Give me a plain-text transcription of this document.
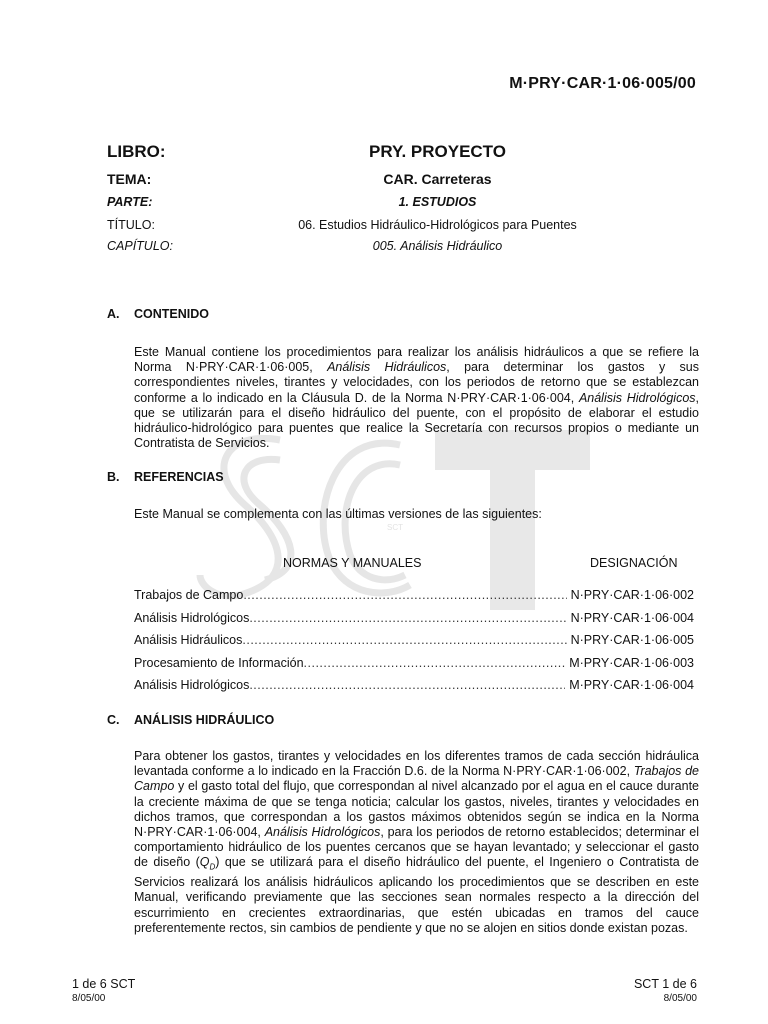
SCT
M·PRY·CAR·1·06·005/00
LIBRO:	PRY. PROYECTO
TEMA:	CAR. Carreteras
PARTE:	1. ESTUDIOS
TÍTULO:	06. Estudios Hidráulico-Hidrológicos para Puentes
CAPÍTULO:	005. Análisis Hidráulico
A. CONTENIDO
Este Manual contiene los procedimientos para realizar los análisis hidráulicos a que se refiere la Norma N·PRY·CAR·1·06·005, Análisis Hidráulicos, para determinar los gastos y sus correspondientes niveles, tirantes y velocidades, con los periodos de retorno que se establezcan conforme a lo indicado en la Cláusula D. de la Norma N·PRY·CAR·1·06·004, Análisis Hidrológicos, que se utilizarán para el diseño hidráulico del puente, con el propósito de elaborar el estudio hidráulico-hidrológico para puentes que realice la Secretaría con recursos propios o mediante un Contratista de Servicios.
B. REFERENCIAS
Este Manual se complementa con las últimas versiones de las siguientes:
NORMAS Y MANUALES	DESIGNACIÓN
Trabajos de Campo .....	N·PRY·CAR·1·06·002
Análisis Hidrológicos .....	N·PRY·CAR·1·06·004
Análisis Hidráulicos .....	N·PRY·CAR·1·06·005
Procesamiento de Información .....	M·PRY·CAR·1·06·003
Análisis Hidrológicos .....	M·PRY·CAR·1·06·004
C. ANÁLISIS HIDRÁULICO
Para obtener los gastos, tirantes y velocidades en los diferentes tramos de cada sección hidráulica levantada conforme a lo indicado en la Fracción D.6. de la Norma N·PRY·CAR·1·06·002, Trabajos de Campo y el gasto total del flujo, que correspondan al nivel alcanzado por el agua en el cauce durante la creciente máxima de que se tenga noticia; calcular los gastos, niveles, tirantes y velocidades en dichos tramos, que correspondan a los gastos máximos obtenidos según se indica en la Norma N·PRY·CAR·1·06·004, Análisis Hidrológicos, para los periodos de retorno establecidos; determinar el comportamiento hidráulico de los puentes cercanos que se hayan levantado; y seleccionar el gasto de diseño $(Q_D)$ que se utilizará para el diseño hidráulico del puente, el Ingeniero o Contratista de Servicios realizará los análisis hidráulicos aplicando los procedimientos que se describen en este Manual, verificando previamente que las secciones sean normales respecto a la dirección del escurrimiento en crecientes extraordinarias, que estén ubicadas en tramos del cauce preferentemente rectos, sin cambios de pendiente y que no se alojen en sitios donde existan pozas.
1 de 6 SCT
8/05/00
SCT 1 de 6
8/05/00
